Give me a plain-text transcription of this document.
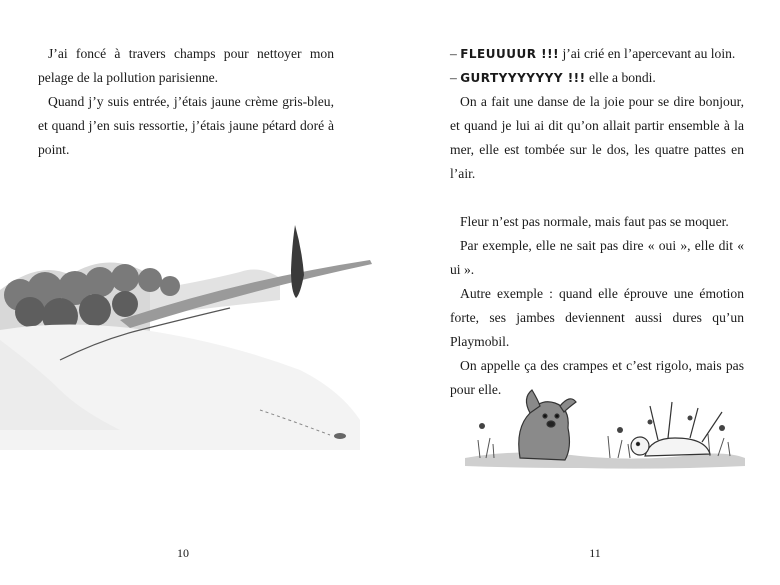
J’ai foncé à travers champs pour nettoyer mon pelage de la pollution parisienne.

Quand j’y suis entrée, j’étais jaune crème gris-bleu, et quand j’en suis ressortie, j’étais jaune pétard doré à point.

10

– FLEUUUUR !!! j’ai crié en l’apercevant au loin.

– GURTYYYYYYY !!! elle a bondi.

On a fait une danse de la joie pour se dire bonjour, et quand je lui ai dit qu’on allait partir ensemble à la mer, elle est tombée sur le dos, les quatre pattes en l’air.

Fleur n’est pas normale, mais faut pas se moquer.

Par exemple, elle ne sait pas dire « oui », elle dit « ui ».

Autre exemple : quand elle éprouve une émotion forte, ses jambes deviennent aussi dures qu’un Playmobil.

On appelle ça des crampes et c’est rigolo, mais pas pour elle.

11
